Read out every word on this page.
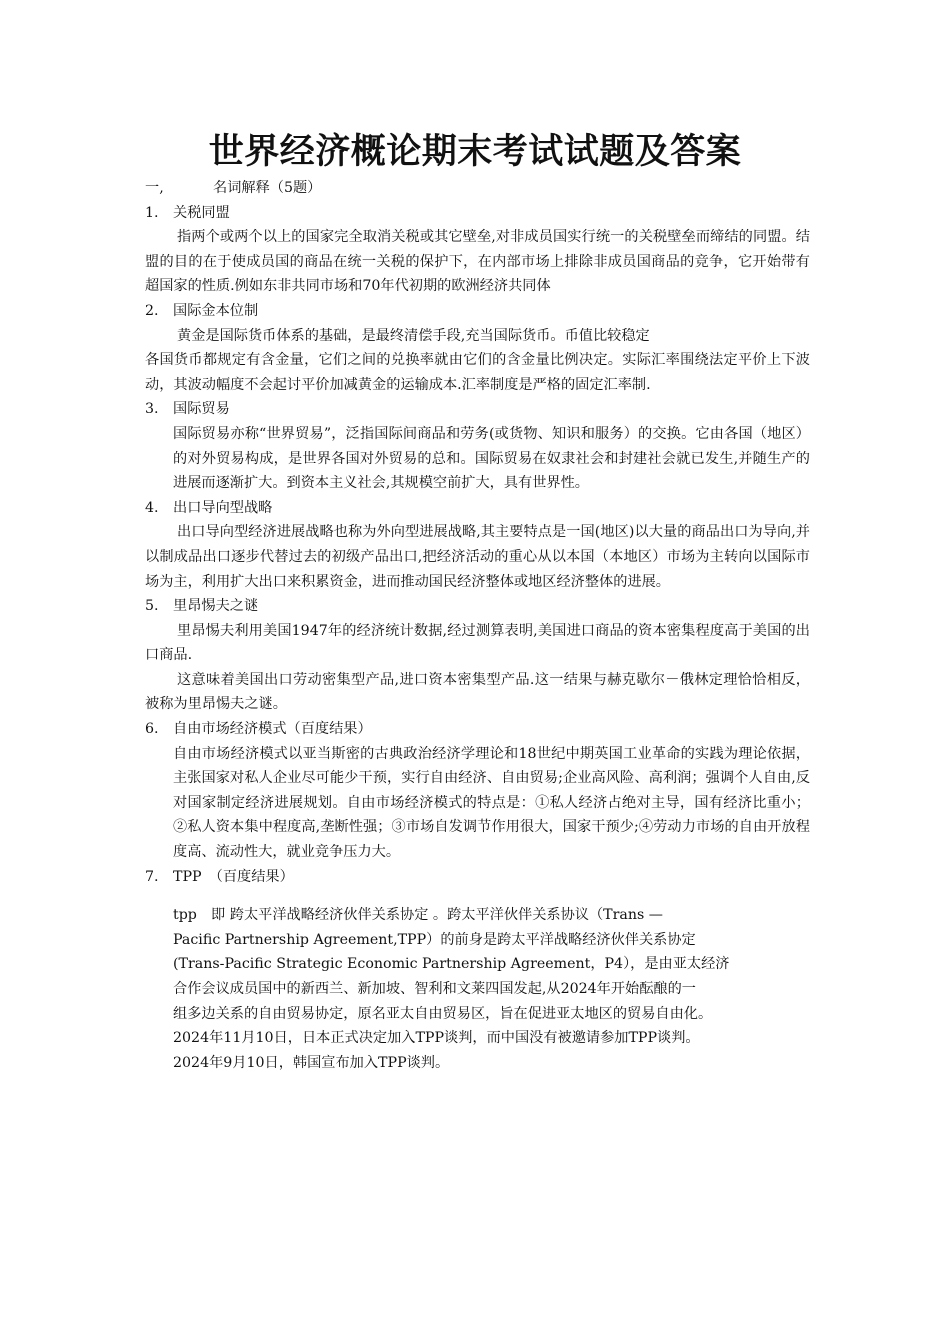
世界经济概论期末考试试题及答案
一,	名词解释（5题）
1.	关税同盟
指两个或两个以上的国家完全取消关税或其它壁垒,对非成员国实行统一的关税壁垒而缔结的同盟。结盟的目的在于使成员国的商品在统一关税的保护下，在内部市场上排除非成员国商品的竞争，它开始带有超国家的性质.例如东非共同市场和70年代初期的欧洲经济共同体
2.	国际金本位制
黄金是国际货币体系的基础，是最终清偿手段,充当国际货币。币值比较稳定
各国货币都规定有含金量，它们之间的兑换率就由它们的含金量比例决定。实际汇率围绕法定平价上下波动，其波动幅度不会起讨平价加减黄金的运输成本.汇率制度是严格的固定汇率制.
3.	国际贸易
国际贸易亦称“世界贸易”，泛指国际间商品和劳务(或货物、知识和服务）的交换。它由各国（地区）的对外贸易构成，是世界各国对外贸易的总和。国际贸易在奴隶社会和封建社会就已发生,并随生产的进展而逐渐扩大。到资本主义社会,其规模空前扩大，具有世界性。
4.	出口导向型战略
出口导向型经济进展战略也称为外向型进展战略,其主要特点是一国(地区)以大量的商品出口为导向,并以制成品出口逐步代替过去的初级产品出口,把经济活动的重心从以本国（本地区）市场为主转向以国际市场为主，利用扩大出口来积累资金，进而推动国民经济整体或地区经济整体的进展。
5.	里昂惕夫之谜
里昂惕夫利用美国1947年的经济统计数据,经过测算表明,美国进口商品的资本密集程度高于美国的出口商品.
这意味着美国出口劳动密集型产品,进口资本密集型产品.这一结果与赫克歇尔－俄林定理恰恰相反，被称为里昂惕夫之谜。
6.	自由市场经济模式（百度结果）
自由市场经济模式以亚当斯密的古典政治经济学理论和18世纪中期英国工业革命的实践为理论依据，主张国家对私人企业尽可能少干预，实行自由经济、自由贸易;企业高风险、高利润；强调个人自由,反对国家制定经济进展规划。自由市场经济模式的特点是：①私人经济占绝对主导，国有经济比重小；②私人资本集中程度高,垄断性强；③市场自发调节作用很大，国家干预少;④劳动力市场的自由开放程度高、流动性大，就业竞争压力大。
7.	TPP　（百度结果）
tpp　即 跨太平洋战略经济伙伴关系协定 。跨太平洋伙伴关系协议（Trans —
Pacific Partnership Agreement,TPP）的前身是跨太平洋战略经济伙伴关系协定
(Trans-Pacific Strategic Economic Partnership Agreement，P4），是由亚太经济
合作会议成员国中的新西兰、新加坡、智利和文莱四国发起,从2024年开始酝酿的一
组多边关系的自由贸易协定，原名亚太自由贸易区，旨在促进亚太地区的贸易自由化。
2024年11月10日，日本正式决定加入TPP谈判，而中国没有被邀请参加TPP谈判。
2024年9月10日，韩国宣布加入TPP谈判。
